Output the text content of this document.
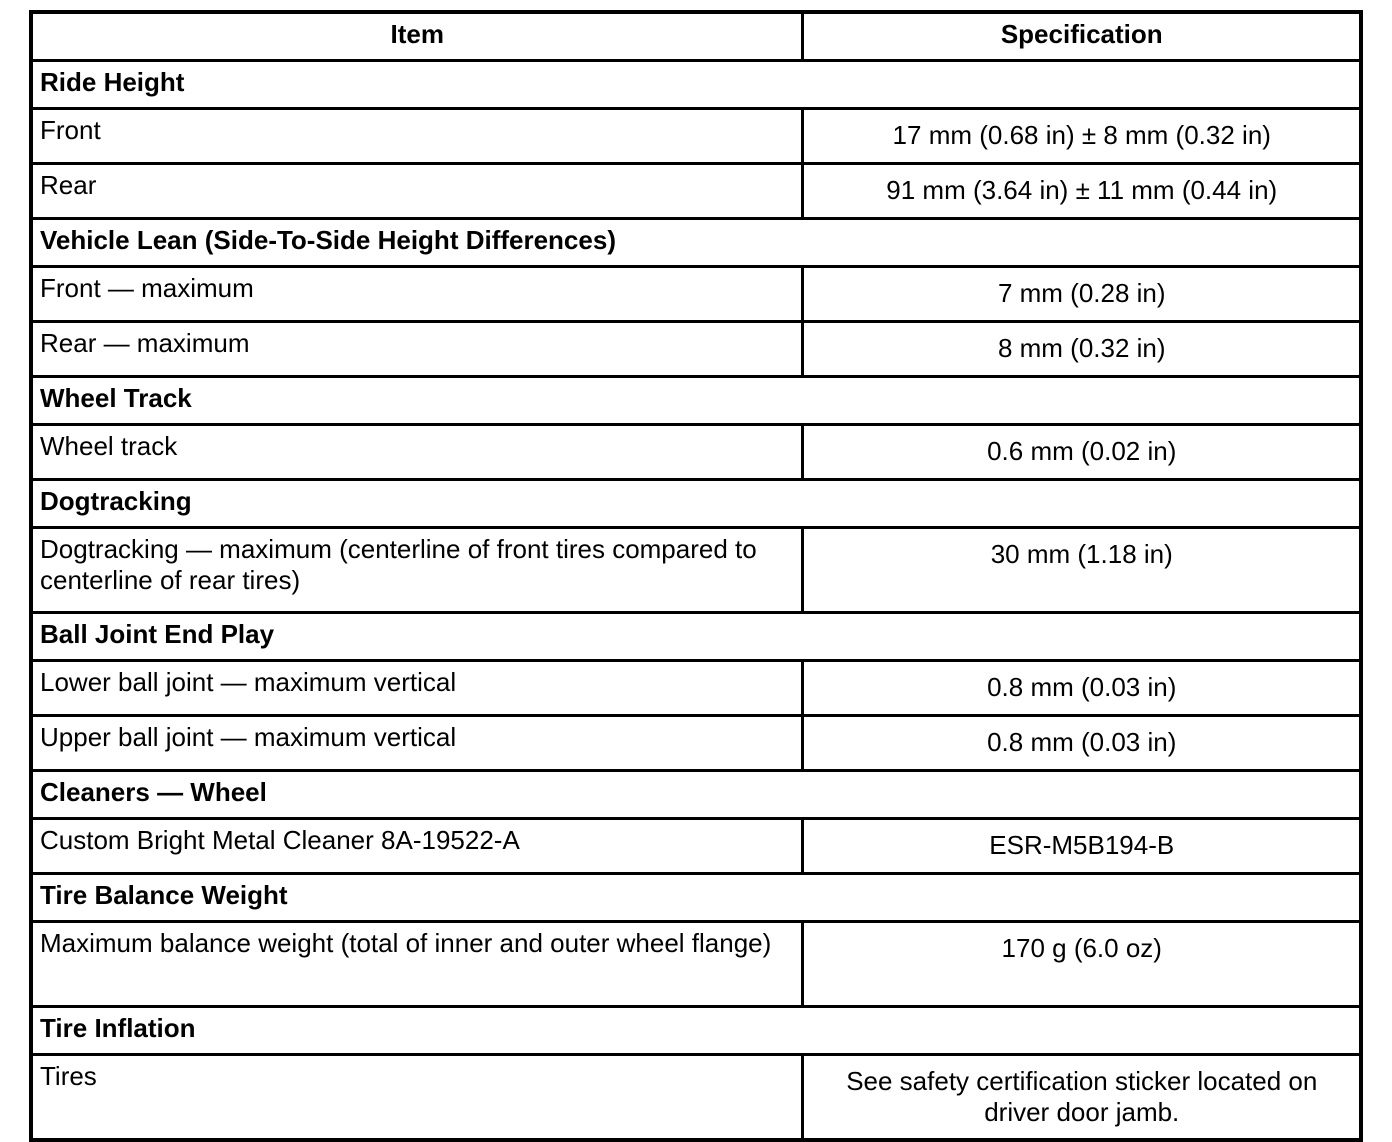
Item	Specification
Ride Height	
Front	17 mm (0.68 in) ± 8 mm (0.32 in)
Rear	91 mm (3.64 in) ± 11 mm (0.44 in)
Vehicle Lean (Side-To-Side Height Differences)	
Front — maximum	7 mm (0.28 in)
Rear — maximum	8 mm (0.32 in)
Wheel Track	
Wheel track	0.6 mm (0.02 in)
Dogtracking	
Dogtracking — maximum (centerline of front tires compared to centerline of rear tires)	30 mm (1.18 in)
Ball Joint End Play	
Lower ball joint — maximum vertical	0.8 mm (0.03 in)
Upper ball joint — maximum vertical	0.8 mm (0.03 in)
Cleaners — Wheel	
Custom Bright Metal Cleaner 8A-19522-A	ESR-M5B194-B
Tire Balance Weight	
Maximum balance weight (total of inner and outer wheel flange)	170 g (6.0 oz)
Tire Inflation	
Tires	See safety certification sticker located on driver door jamb.
